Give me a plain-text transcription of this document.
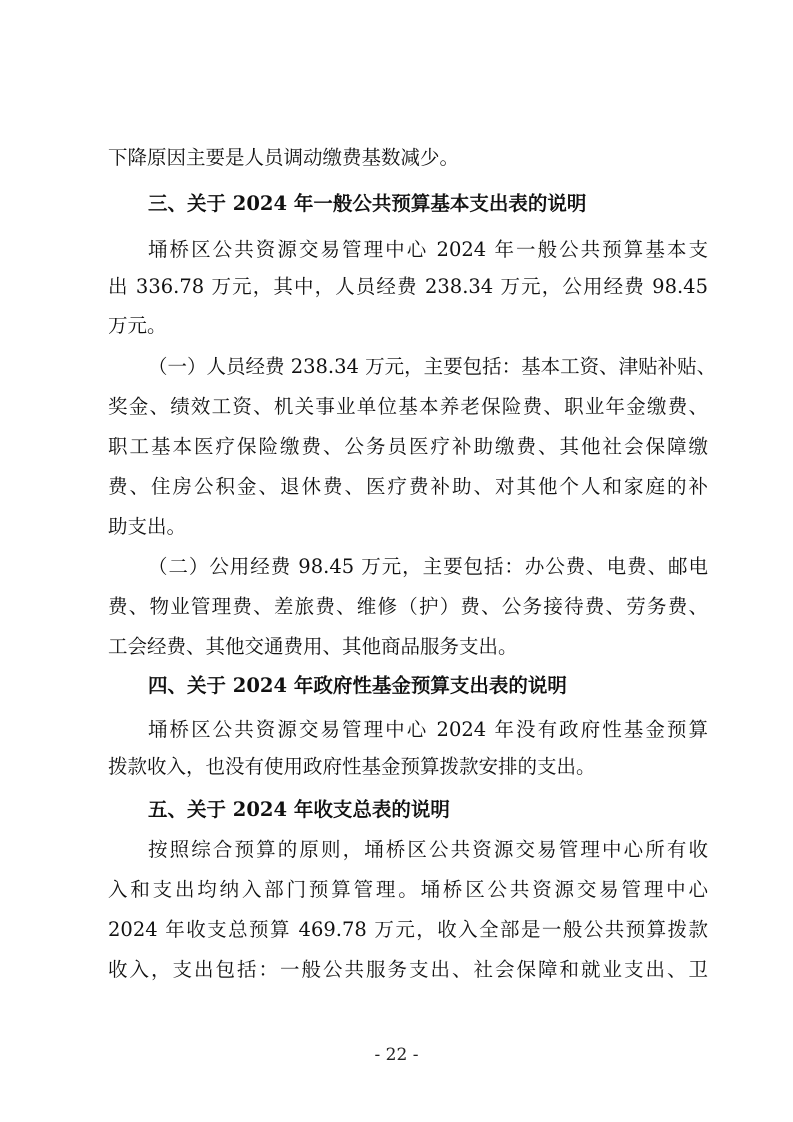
下降原因主要是人员调动缴费基数减少。
三、关于 2024 年一般公共预算基本支出表的说明
埇桥区公共资源交易管理中心 2024 年一般公共预算基本支
出 336.78 万元，其中，人员经费 238.34 万元，公用经费 98.45
万元。
（一）人员经费 238.34 万元，主要包括：基本工资、津贴补贴、
奖金、绩效工资、机关事业单位基本养老保险费、职业年金缴费、
职工基本医疗保险缴费、公务员医疗补助缴费、其他社会保障缴
费、住房公积金、退休费、医疗费补助、对其他个人和家庭的补
助支出。
（二）公用经费 98.45 万元，主要包括：办公费、电费、邮电
费、物业管理费、差旅费、维修（护）费、公务接待费、劳务费、
工会经费、其他交通费用、其他商品服务支出。
四、关于 2024 年政府性基金预算支出表的说明
埇桥区公共资源交易管理中心 2024 年没有政府性基金预算
拨款收入，也没有使用政府性基金预算拨款安排的支出。
五、关于 2024 年收支总表的说明
按照综合预算的原则，埇桥区公共资源交易管理中心所有收
入和支出均纳入部门预算管理。埇桥区公共资源交易管理中心
2024 年收支总预算 469.78 万元，收入全部是一般公共预算拨款
收入，支出包括：一般公共服务支出、社会保障和就业支出、卫
- 22 -
